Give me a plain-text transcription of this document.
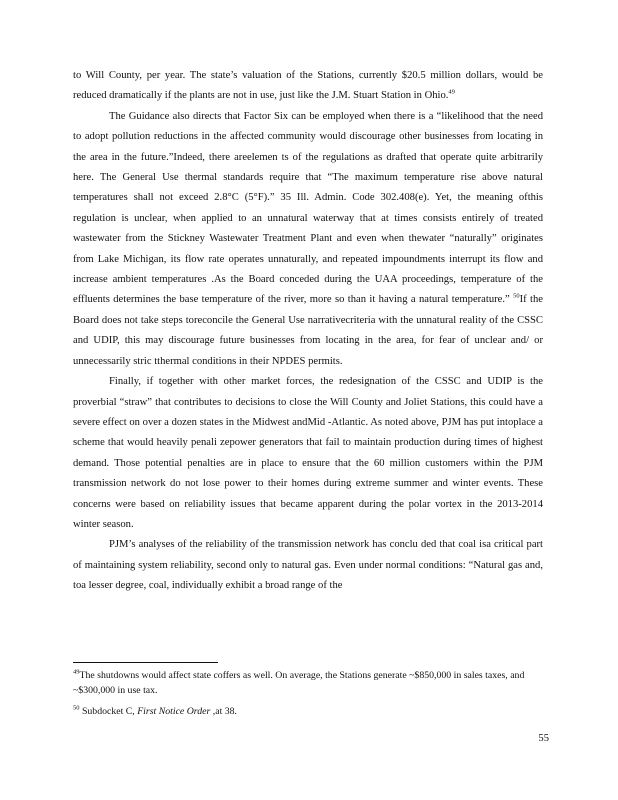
to Will County, per year. The state’s valuation of the Stations, currently $20.5 million dollars, would be reduced dramatically if the plants are not in use, just like the J.M. Stuart Station in Ohio.$^{49}$

The Guidance also directs that Factor Six can be employed when there is a “likelihood that the need to adopt pollution reductions in the affected community would discourage other businesses from locating in the area in the future.”Indeed, there areelemen ts of the regulations as drafted that operate quite arbitrarily here. The General Use thermal standards require that “The maximum temperature rise above natural temperatures shall not exceed 2.8°C (5°F).” 35 Ill. Admin. Code 302.408(e). Yet, the meaning ofthis regulation is unclear, when applied to an unnatural waterway that at times consists entirely of treated wastewater from the Stickney Wastewater Treatment Plant and even when thewater “naturally” originates from Lake Michigan, its flow rate operates unnaturally, and repeated impoundments interrupt its flow and increase ambient temperatures .As the Board conceded during the UAA proceedings, temperature of the effluents determines the base temperature of the river, more so than it having a natural temperature.” $^{50}$If the Board does not take steps toreconcile the General Use narrativecriteria with the unnatural reality of the CSSC and UDIP, this may discourage future businesses from locating in the area, for fear of unclear and/ or unnecessarily stric tthermal conditions in their NPDES permits.

Finally, if together with other market forces, the redesignation of the CSSC and UDIP is the proverbial “straw” that contributes to decisions to close the Will County and Joliet Stations, this could have a severe effect on over a dozen states in the Midwest andMid -Atlantic. As noted above, PJM has put intoplace a scheme that would heavily penali zepower generators that fail to maintain production during times of highest demand. Those potential penalties are in place to ensure that the 60 million customers within the PJM transmission network do not lose power to their homes during extreme summer and winter events. These concerns were based on reliability issues that became apparent during the polar vortex in the 2013-2014 winter season.

PJM’s analyses of the reliability of the transmission network has conclu ded that coal isa critical part of maintaining system reliability, second only to natural gas. Even under normal conditions: “Natural gas and, toa lesser degree, coal, individually exhibit a broad range of the

$^{49}$The shutdowns would affect state coffers as well. On average, the Stations generate ~$850,000 in sales taxes, and ~$300,000 in use tax.

$^{50}$ Subdocket C, First Notice Order ,at 38.

55
